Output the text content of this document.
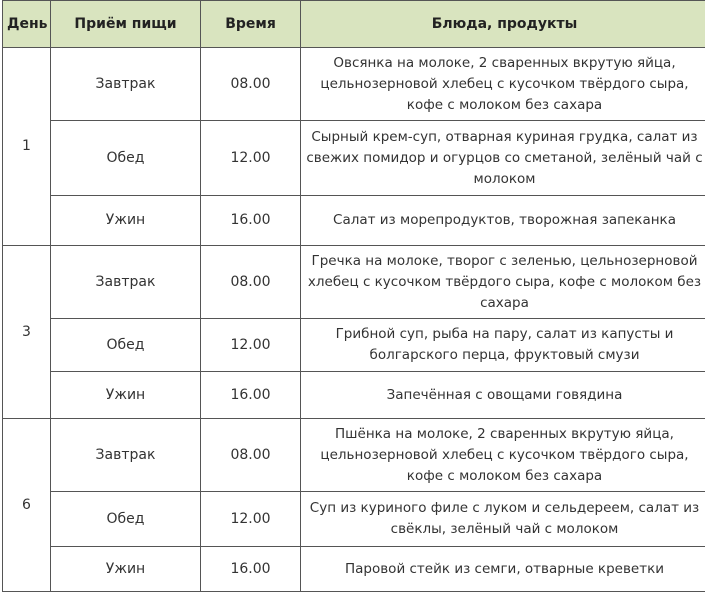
День	Приём пищи	Время	Блюда, продукты
1	Завтрак	08.00	Овсянка на молоке, 2 сваренных вкрутую яйца, цельнозерновой хлебец с кусочком твёрдого сыра, кофе с молоком без сахара
	Обед	12.00	Сырный крем-суп, отварная куриная грудка, салат из свежих помидор и огурцов со сметаной, зелёный чай с молоком
	Ужин	16.00	Салат из морепродуктов, творожная запеканка
3	Завтрак	08.00	Гречка на молоке, творог с зеленью, цельнозерновой хлебец с кусочком твёрдого сыра, кофе с молоком без сахара
	Обед	12.00	Грибной суп, рыба на пару, салат из капусты и болгарского перца, фруктовый смузи
	Ужин	16.00	Запечённая с овощами говядина
6	Завтрак	08.00	Пшёнка на молоке, 2 сваренных вкрутую яйца, цельнозерновой хлебец с кусочком твёрдого сыра, кофе с молоком без сахара
	Обед	12.00	Суп из куриного филе с луком и сельдереем, салат из свёклы, зелёный чай с молоком
	Ужин	16.00	Паровой стейк из семги, отварные креветки
